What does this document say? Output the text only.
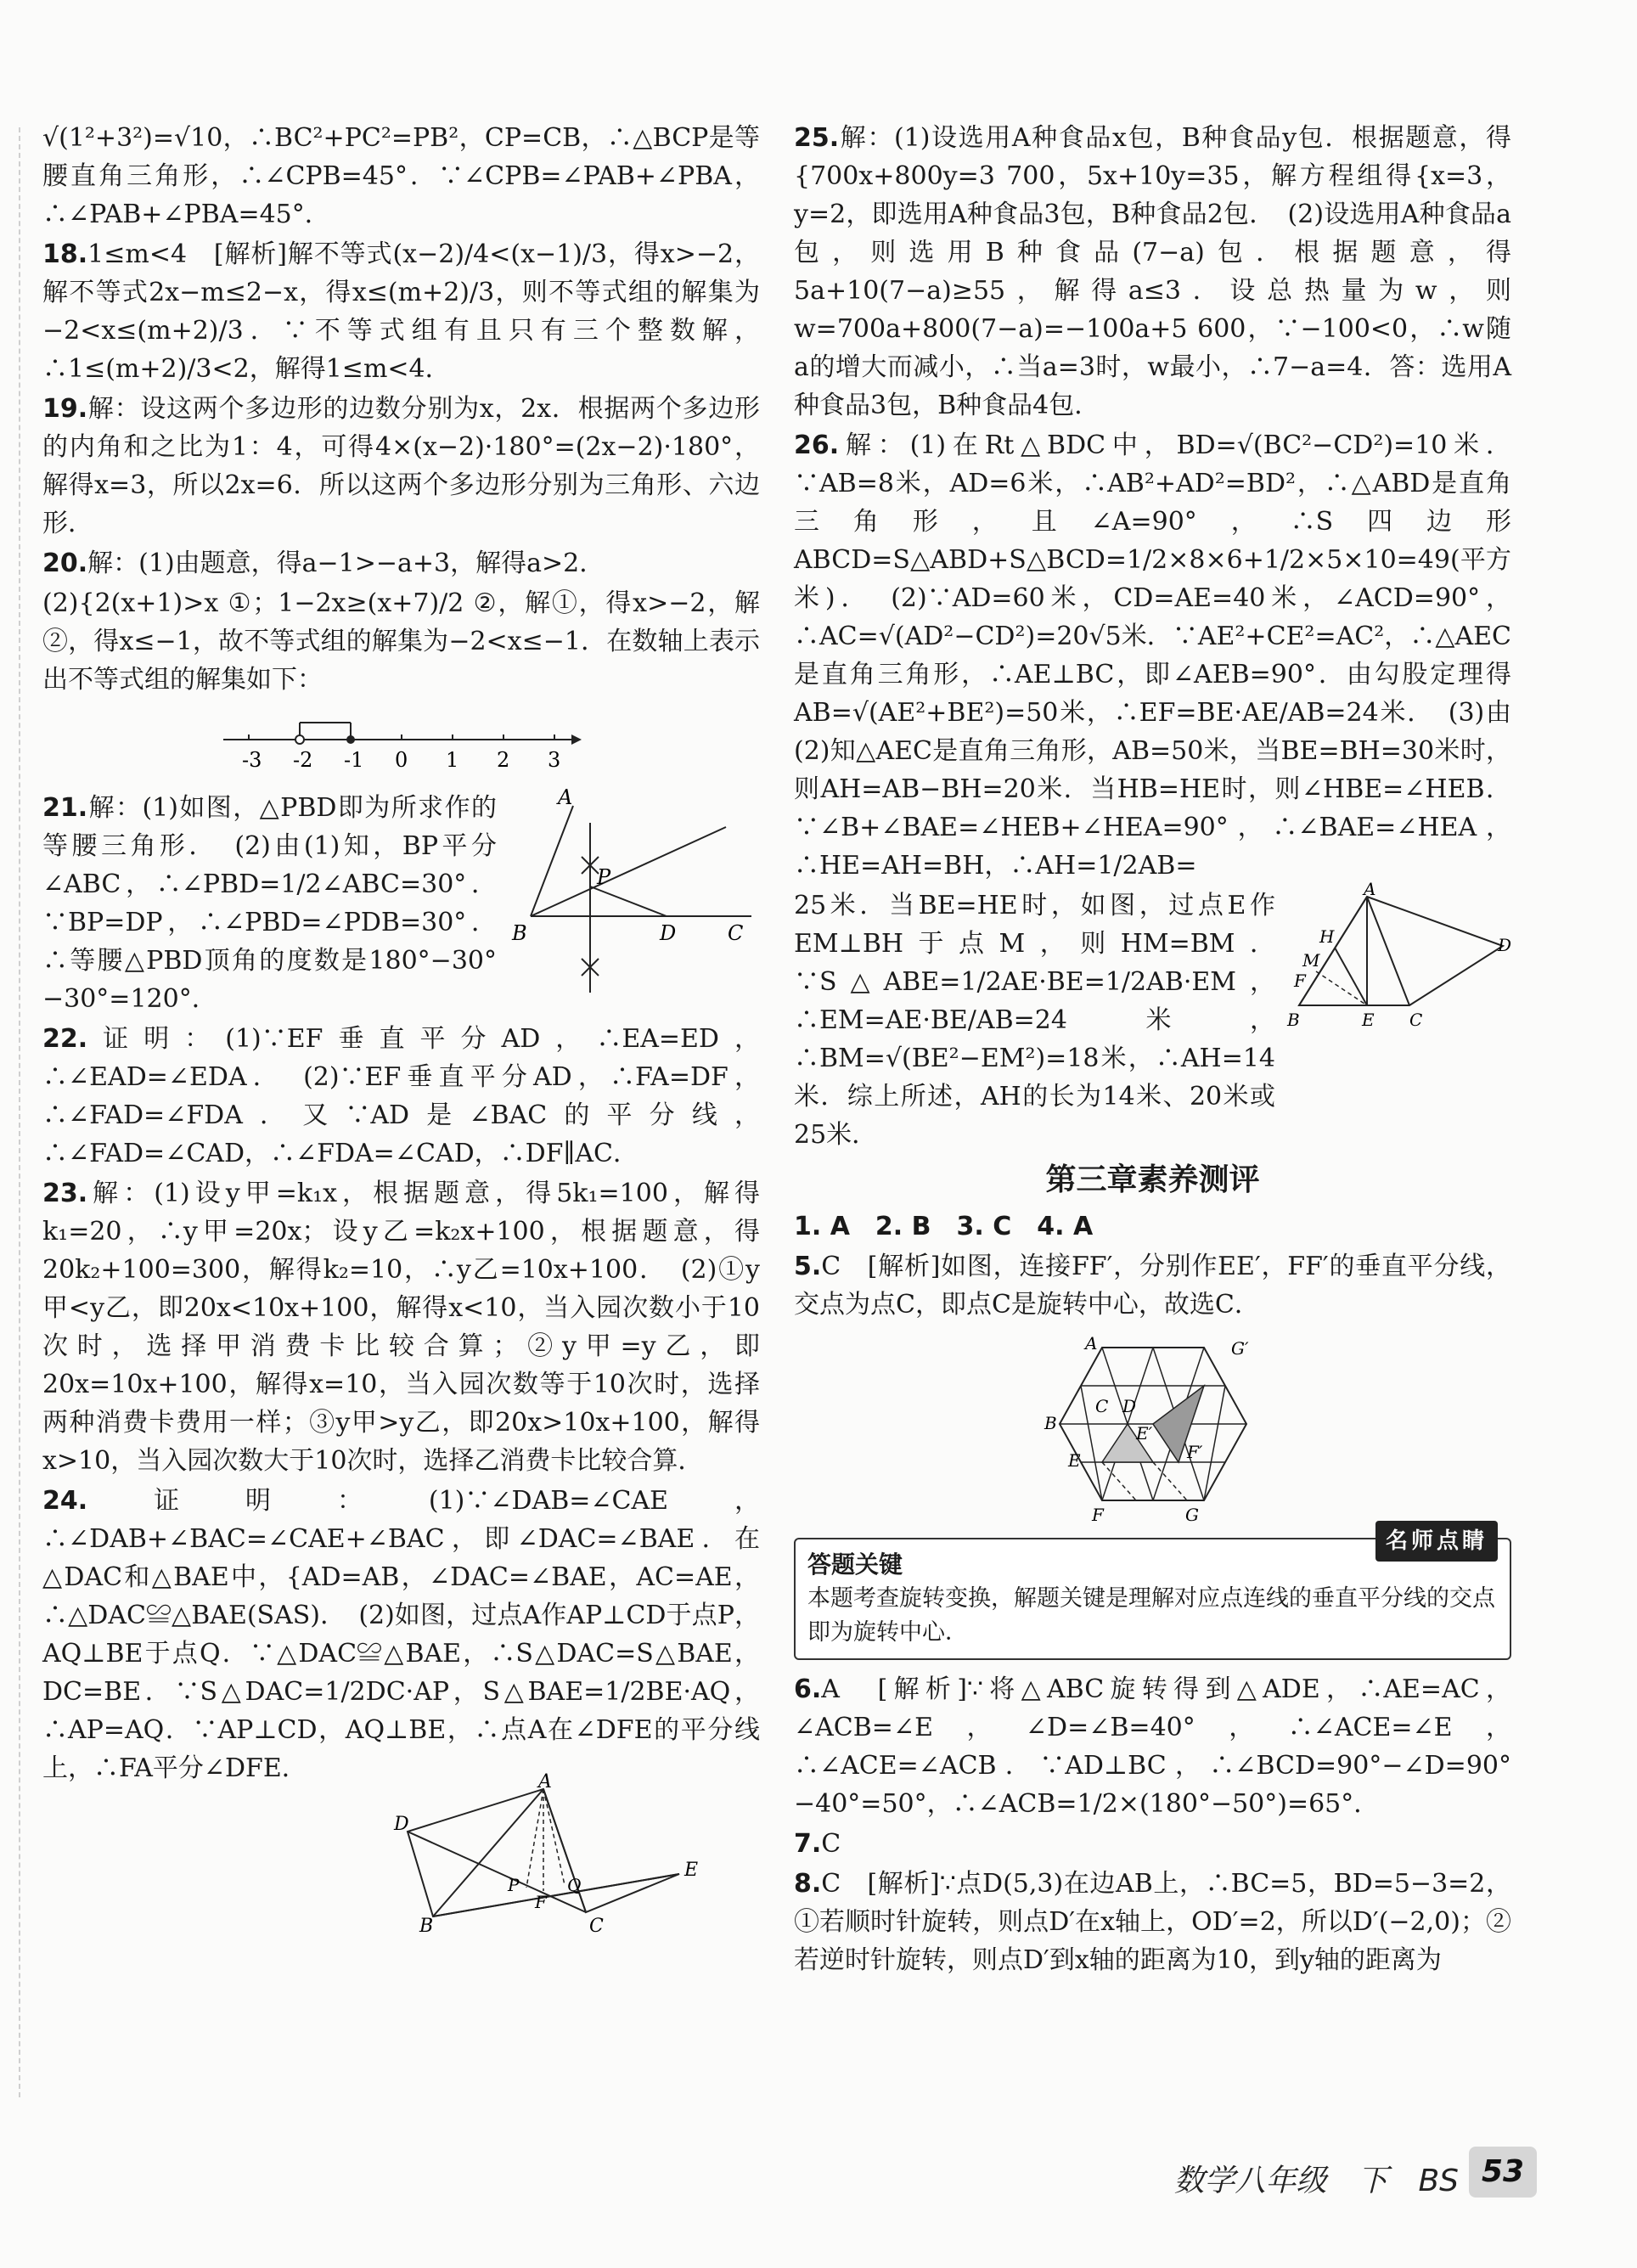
√(1²+3²)=√10，∴BC²+PC²=PB²，CP=CB，∴△BCP是等腰直角三角形，∴∠CPB=45°．∵∠CPB=∠PAB+∠PBA，∴∠PAB+∠PBA=45°．

18.1≤m<4　[解析]解不等式(x−2)/4<(x−1)/3，得x>−2，解不等式2x−m≤2−x，得x≤(m+2)/3，则不等式组的解集为−2<x≤(m+2)/3．∵不等式组有且只有三个整数解，∴1≤(m+2)/3<2，解得1≤m<4．

19.解：设这两个多边形的边数分别为x，2x．根据两个多边形的内角和之比为1：4，可得4×(x−2)·180°=(2x−2)·180°，解得x=3，所以2x=6．所以这两个多边形分别为三角形、六边形．

20.解：(1)由题意，得a−1>−a+3，解得a>2．

(2){2(x+1)>x ①；1−2x≥(x+7)/2 ②，解①，得x>−2，解②，得x≤−1，故不等式组的解集为−2<x≤−1．在数轴上表示出不等式组的解集如下：

-3 -2 -1 0 1 2 3

21.解：(1)如图，△PBD即为所求作的等腰三角形．　(2)由(1)知，BP平分∠ABC，∴∠PBD=1/2∠ABC=30°．∵BP=DP，∴∠PBD=∠PDB=30°．∴等腰△PBD顶角的度数是180°−30°−30°=120°．

A
P
B	D	C

22.证明：(1)∵EF垂直平分AD，∴EA=ED，∴∠EAD=∠EDA．　(2)∵EF垂直平分AD，∴FA=DF，∴∠FAD=∠FDA．又∵AD是∠BAC的平分线，∴∠FAD=∠CAD，∴∠FDA=∠CAD，∴DF∥AC．

23.解：(1)设y甲=k₁x，根据题意，得5k₁=100，解得k₁=20，∴y甲=20x；设y乙=k₂x+100，根据题意，得20k₂+100=300，解得k₂=10，∴y乙=10x+100．　(2)①y甲<y乙，即20x<10x+100，解得x<10，当入园次数小于10次时，选择甲消费卡比较合算；②y甲=y乙，即20x=10x+100，解得x=10，当入园次数等于10次时，选择两种消费卡费用一样；③y甲>y乙，即20x>10x+100，解得x>10，当入园次数大于10次时，选择乙消费卡比较合算．

24.证明：(1)∵∠DAB=∠CAE，∴∠DAB+∠BAC=∠CAE+∠BAC，即∠DAC=∠BAE．在△DAC和△BAE中，{AD=AB，∠DAC=∠BAE，AC=AE，∴△DAC≌△BAE(SAS)．　(2)如图，过点A作AP⊥CD于点P，AQ⊥BE于点Q．∵△DAC≌△BAE，∴S△DAC=S△BAE，DC=BE．∵S△DAC=1/2DC·AP，S△BAE=1/2BE·AQ，∴AP=AQ．∵AP⊥CD，AQ⊥BE，∴点A在∠DFE的平分线上，∴FA平分∠DFE．	A
D
E
P
F
Q
B	C

25.解：(1)设选用A种食品x包，B种食品y包．根据题意，得{700x+800y=3 700，5x+10y=35，解方程组得{x=3，y=2，即选用A种食品3包，B种食品2包．　(2)设选用A种食品a包，则选用B种食品(7−a)包．根据题意，得5a+10(7−a)≥55，解得a≤3．设总热量为w，则w=700a+800(7−a)=−100a+5 600，∵−100<0，∴w随a的增大而减小，∴当a=3时，w最小，∴7−a=4．答：选用A种食品3包，B种食品4包．

26.解：(1)在Rt△BDC中，BD=√(BC²−CD²)=10米．∵AB=8米，AD=6米，∴AB²+AD²=BD²，∴△ABD是直角三角形，且∠A=90°，∴S四边形ABCD=S△ABD+S△BCD=1/2×8×6+1/2×5×10=49(平方米)．　(2)∵AD=60米，CD=AE=40米，∠ACD=90°，∴AC=√(AD²−CD²)=20√5米．∵AE²+CE²=AC²，∴△AEC是直角三角形，∴AE⊥BC，即∠AEB=90°．由勾股定理得AB=√(AE²+BE²)=50米，∴EF=BE·AE/AB=24米．　(3)由(2)知△AEC是直角三角形，AB=50米，当BE=BH=30米时，则AH=AB−BH=20米．当HB=HE时，则∠HBE=∠HEB．∵∠B+∠BAE=∠HEB+∠HEA=90°，∴∠BAE=∠HEA，∴HE=AH=BH，∴AH=1/2AB=

25米．当BE=HE时，如图，过点E作EM⊥BH于点M，则HM=BM．∵S△ABE=1/2AE·BE=1/2AB·EM，∴EM=AE·BE/AB=24米，∴BM=√(BE²−EM²)=18米，∴AH=14米．综上所述，AH的长为14米、20米或25米．

A
H
M
F
D
B	E C
第三章素养测评

1. A　2. B　3. C　4. A

5.C　[解析]如图，连接FF′，分别作EE′，FF′的垂直平分线，交点为点C，即点C是旋转中心，故选C．

A	G′
B
C D
E′
E	F′
F	G
名师点睛
答题关键
本题考查旋转变换，解题关键是理解对应点连线的垂直平分线的交点即为旋转中心．

6.A　[解析]∵将△ABC旋转得到△ADE，∴AE=AC，∠ACB=∠E，∠D=∠B=40°，∴∠ACE=∠E，∴∠ACE=∠ACB．∵AD⊥BC，∴∠BCD=90°−∠D=90°−40°=50°，∴∠ACB=1/2×(180°−50°)=65°．

7.C

8.C　[解析]∵点D(5,3)在边AB上，∴BC=5，BD=5−3=2，①若顺时针旋转，则点D′在x轴上，OD′=2，所以D′(−2,0)；②若逆时针旋转，则点D′到x轴的距离为10，到y轴的距离为

数学八年级　下　BS 53
